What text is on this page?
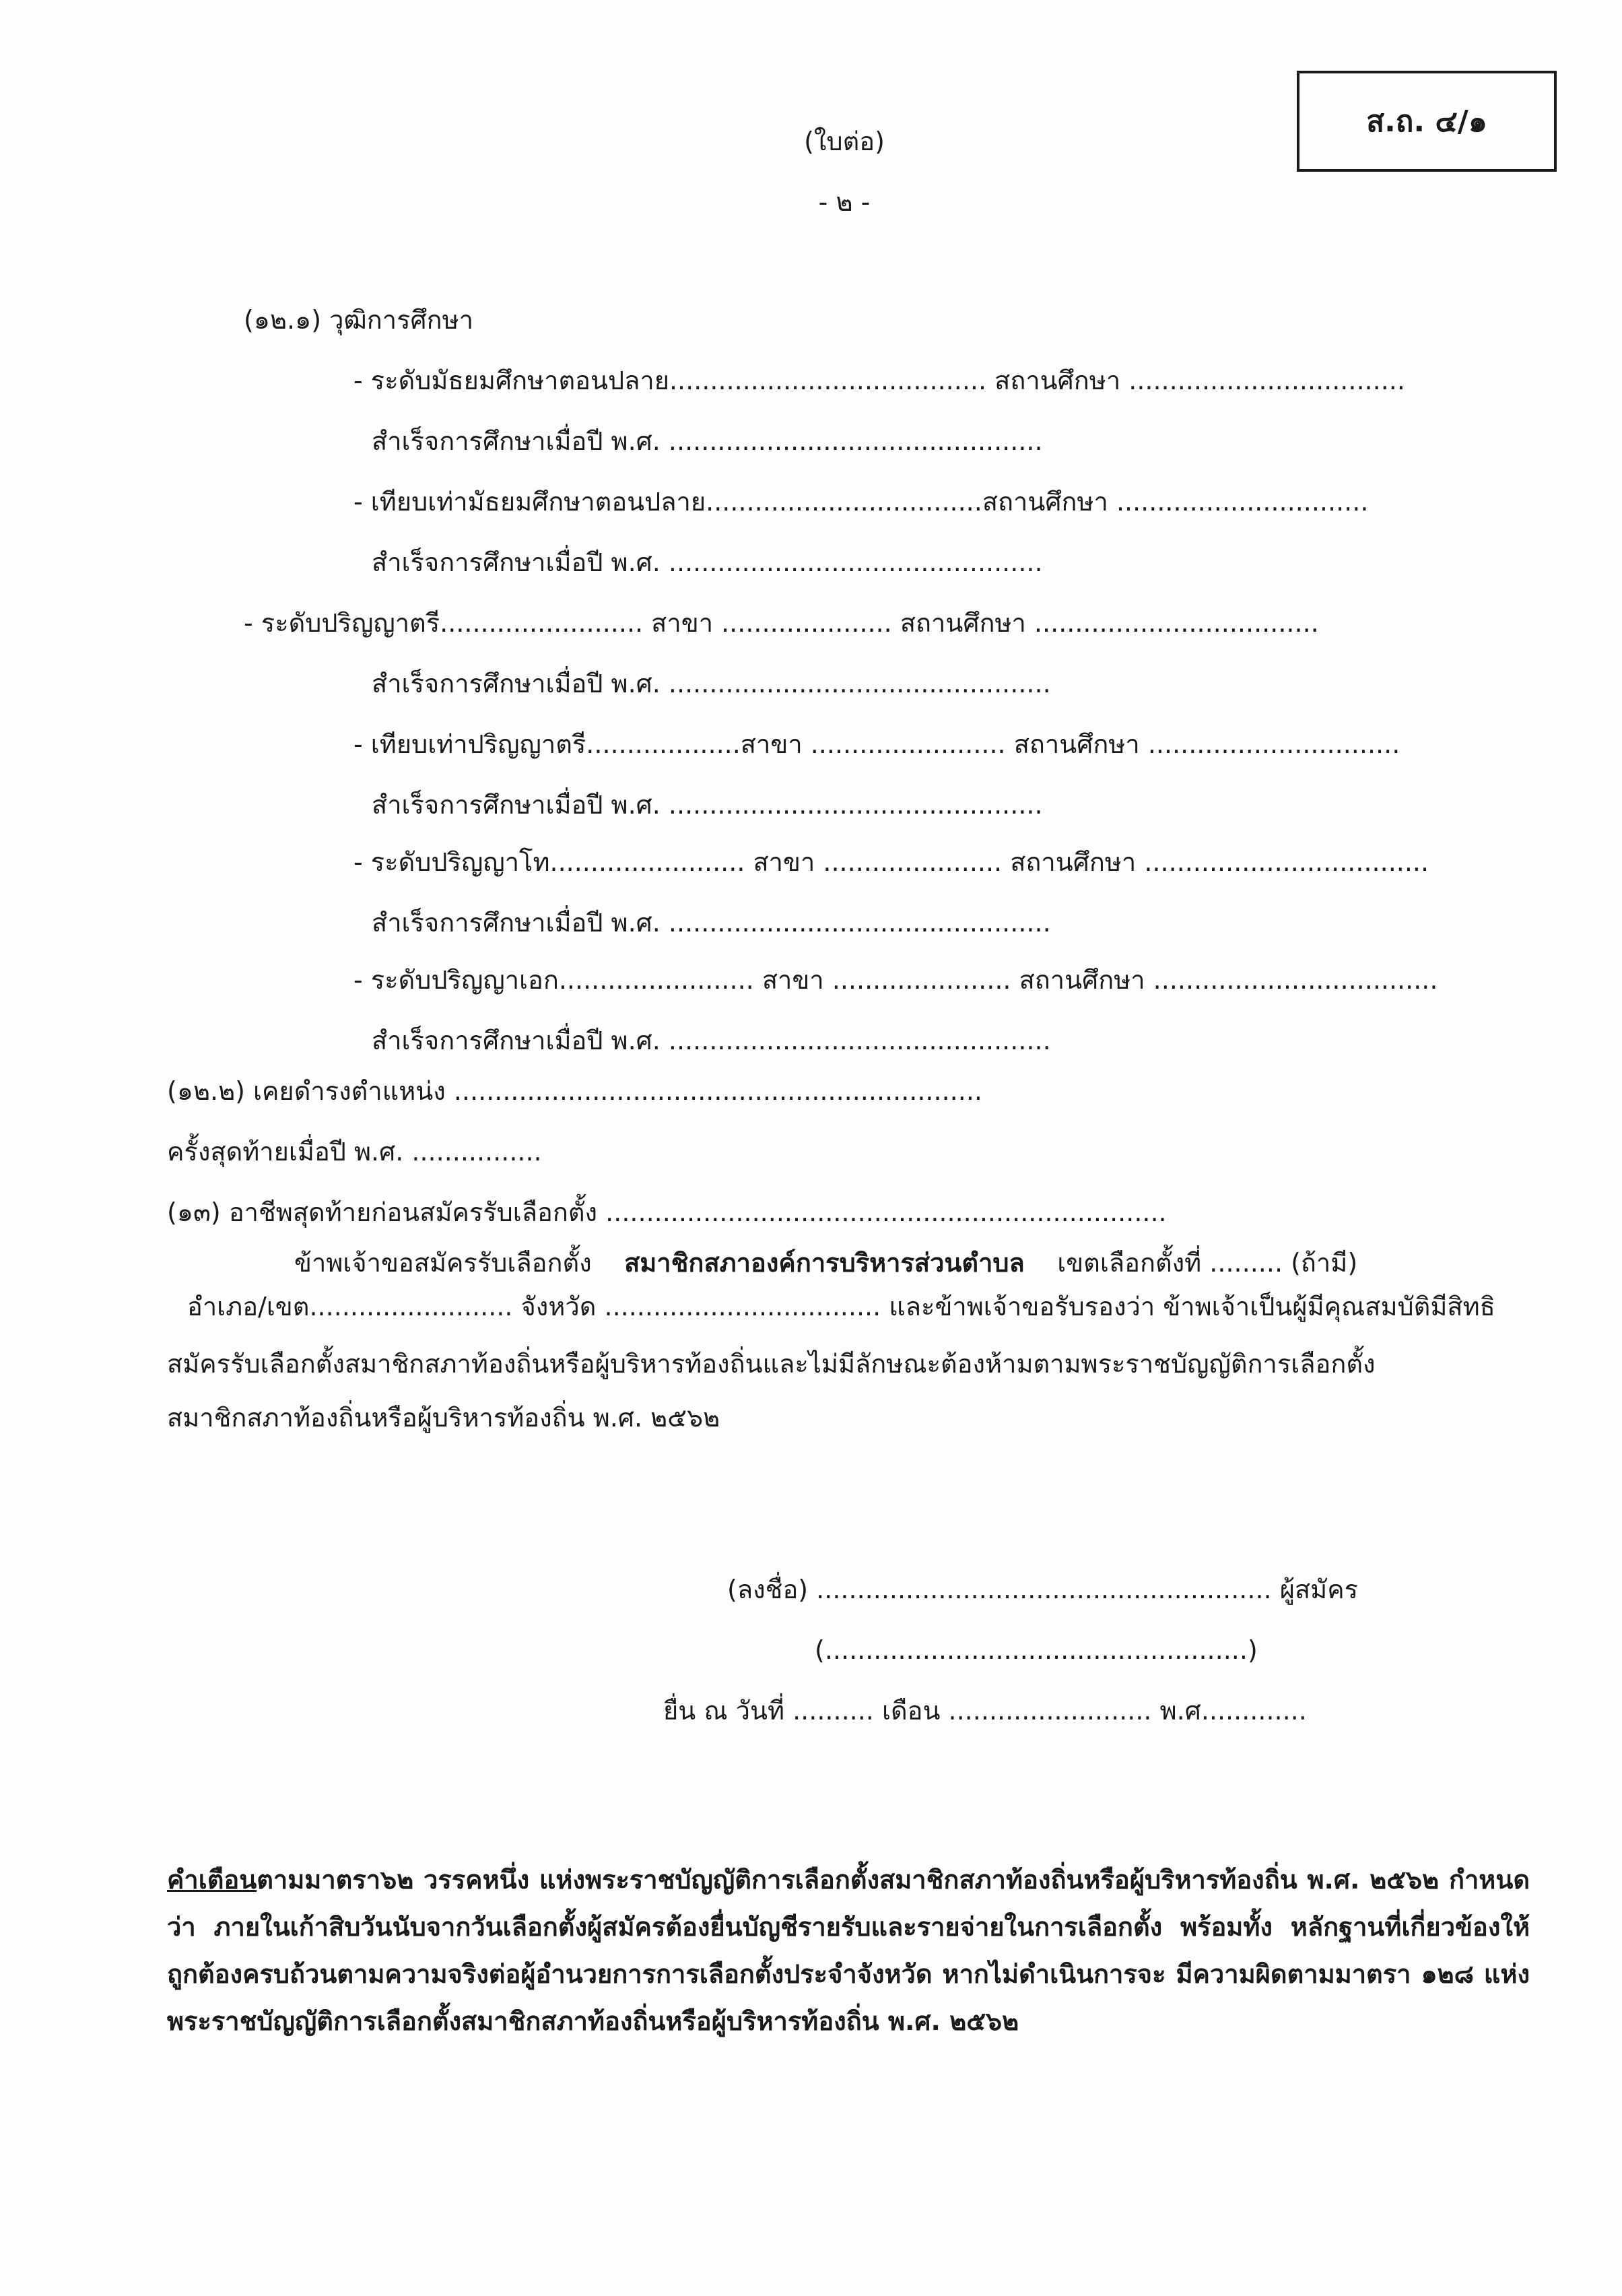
ส.ถ. ๔/๑
(ใบต่อ)
- ๒ -
(๑๒.๑) วุฒิการศึกษา
- ระดับมัธยมศึกษาตอนปลาย....................................... สถานศึกษา ..................................
สำเร็จการศึกษาเมื่อปี พ.ศ. ..............................................
- เทียบเท่ามัธยมศึกษาตอนปลาย..................................สถานศึกษา ...............................
สำเร็จการศึกษาเมื่อปี พ.ศ. ..............................................
- ระดับปริญญาตรี......................... สาขา ..................... สถานศึกษา ...................................
สำเร็จการศึกษาเมื่อปี พ.ศ. ...............................................
- เทียบเท่าปริญญาตรี...................สาขา ........................ สถานศึกษา ...............................
สำเร็จการศึกษาเมื่อปี พ.ศ. ..............................................
- ระดับปริญญาโท........................ สาขา ...................... สถานศึกษา ...................................
สำเร็จการศึกษาเมื่อปี พ.ศ. ...............................................
- ระดับปริญญาเอก........................ สาขา ...................... สถานศึกษา ...................................
สำเร็จการศึกษาเมื่อปี พ.ศ. ...............................................
(๑๒.๒) เคยดำรงตำแหน่ง .................................................................
ครั้งสุดท้ายเมื่อปี พ.ศ. ................
(๑๓) อาชีพสุดท้ายก่อนสมัครรับเลือกตั้ง .....................................................................
ข้าพเจ้าขอสมัครรับเลือกตั้ง สมาชิกสภาองค์การบริหารส่วนตำบล เขตเลือกตั้งที่ ......... (ถ้ามี)
อำเภอ/เขต......................... จังหวัด .................................. และข้าพเจ้าขอรับรองว่า ข้าพเจ้าเป็นผู้มีคุณสมบัติมีสิทธิ
สมัครรับเลือกตั้งสมาชิกสภาท้องถิ่นหรือผู้บริหารท้องถิ่นและไม่มีลักษณะต้องห้ามตามพระราชบัญญัติการเลือกตั้ง
สมาชิกสภาท้องถิ่นหรือผู้บริหารท้องถิ่น พ.ศ. ๒๕๖๒
(ลงชื่อ) ........................................................ ผู้สมัคร
(....................................................)
ยื่น ณ วันที่ .......... เดือน ......................... พ.ศ.............
คำเตือนตามมาตรา๖๒ วรรคหนึ่ง แห่งพระราชบัญญัติการเลือกตั้งสมาชิกสภาท้องถิ่นหรือผู้บริหารท้องถิ่น พ.ศ. ๒๕๖๒ กำหนดว่า ภายในเก้าสิบวันนับจากวันเลือกตั้งผู้สมัครต้องยื่นบัญชีรายรับและรายจ่ายในการเลือกตั้ง พร้อมทั้ง หลักฐานที่เกี่ยวข้องให้ถูกต้องครบถ้วนตามความจริงต่อผู้อำนวยการการเลือกตั้งประจำจังหวัด หากไม่ดำเนินการจะ มีความผิดตามมาตรา ๑๒๘ แห่งพระราชบัญญัติการเลือกตั้งสมาชิกสภาท้องถิ่นหรือผู้บริหารท้องถิ่น พ.ศ. ๒๕๖๒
